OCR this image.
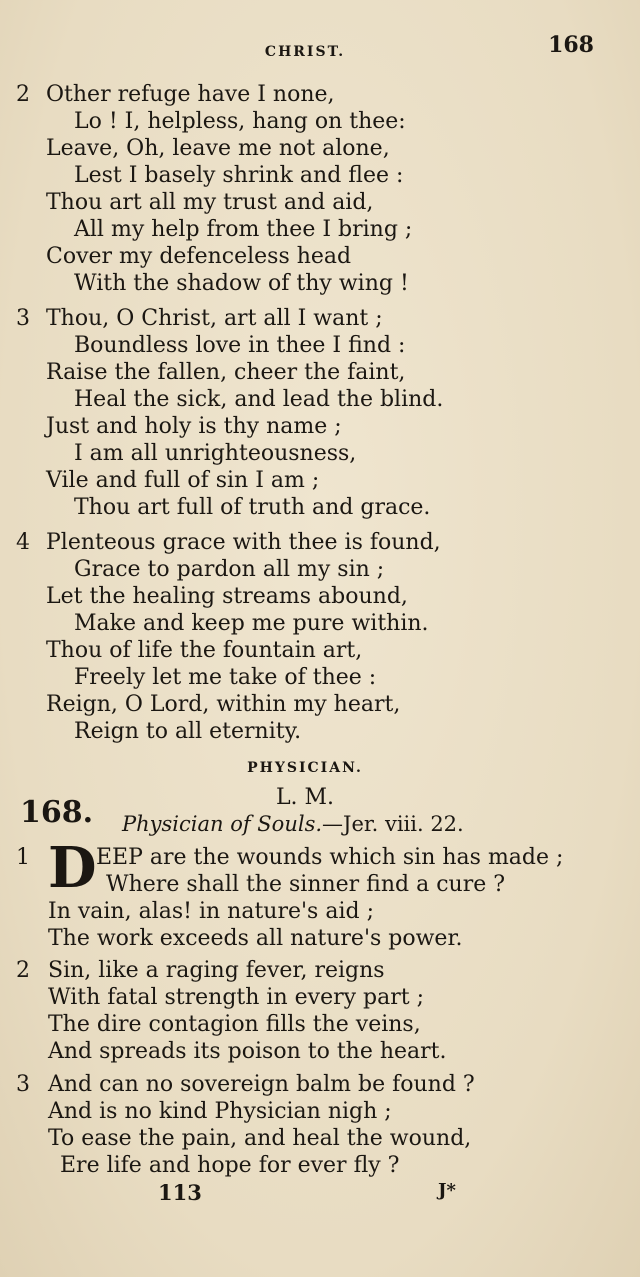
CHRIST.	168
2 Other refuge have I none,
Lo ! I, helpless, hang on thee:
Leave, Oh, leave me not alone,
Lest I basely shrink and flee :
Thou art all my trust and aid,
All my help from thee I bring ;
Cover my defenceless head
With the shadow of thy wing !
3 Thou, O Christ, art all I want ;
Boundless love in thee I find :
Raise the fallen, cheer the faint,
Heal the sick, and lead the blind.
Just and holy is thy name ;
I am all unrighteousness,
Vile and full of sin I am ;
Thou art full of truth and grace.
4 Plenteous grace with thee is found,
Grace to pardon all my sin ;
Let the healing streams abound,
Make and keep me pure within.
Thou of life the fountain art,
Freely let me take of thee :
Reign, O Lord, within my heart,
Reign to all eternity.
PHYSICIAN.
168.	L. M.
Physician of Souls.—Jer. viii. 22.
1 D EEP are the wounds which sin has made ;
Where shall the sinner find a cure ?
In vain, alas! in nature's aid ;
The work exceeds all nature's power.
2 Sin, like a raging fever, reigns
With fatal strength in every part ;
The dire contagion fills the veins,
And spreads its poison to the heart.
3 And can no sovereign balm be found ?
And is no kind Physician nigh ;
To ease the pain, and heal the wound,
Ere life and hope for ever fly ?
113	J*
